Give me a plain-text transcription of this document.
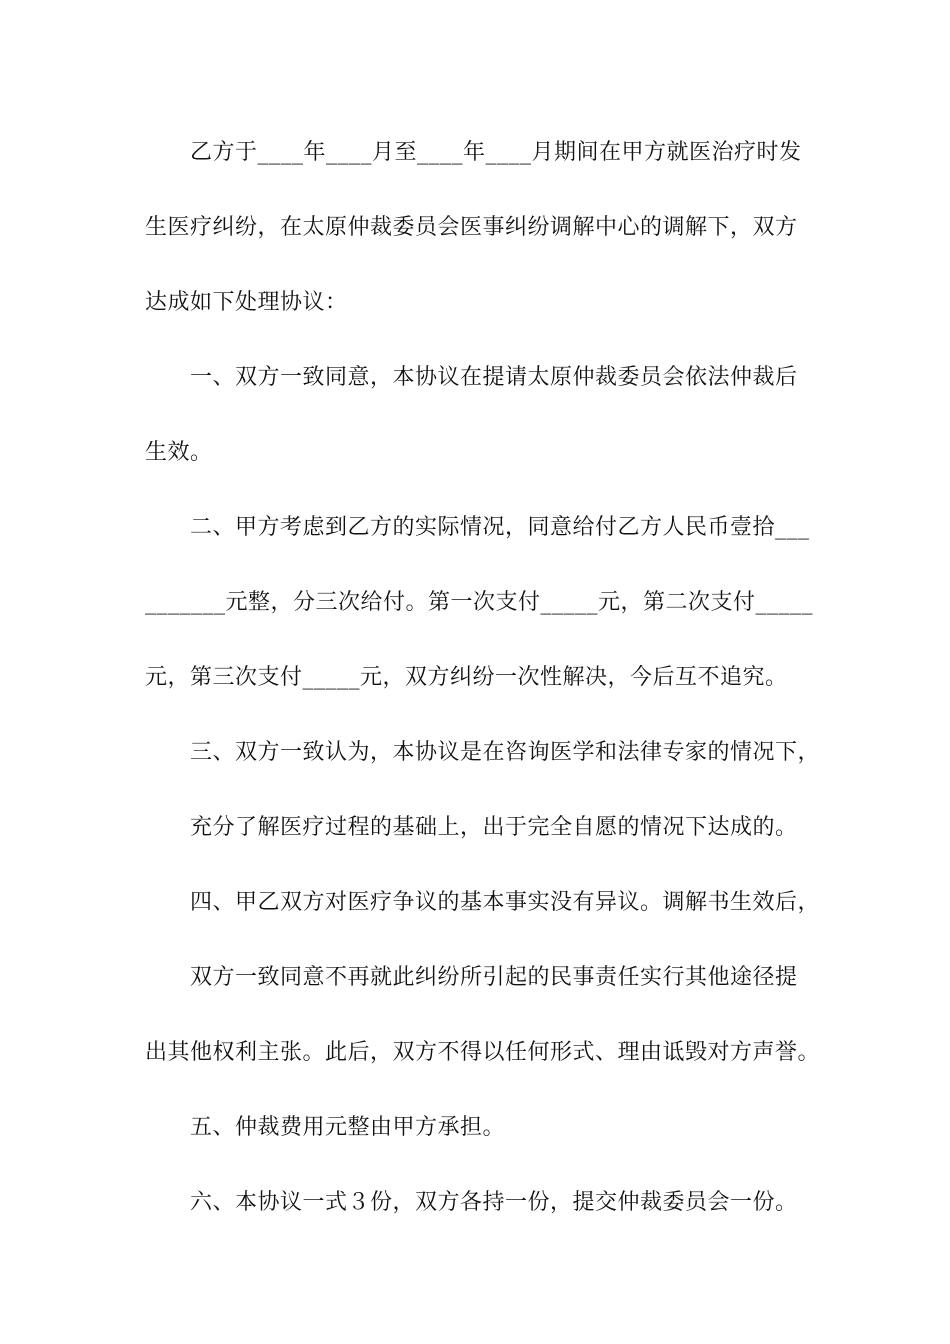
乙方于____年____月至____年____月期间在甲方就医治疗时发
生医疗纠纷，在太原仲裁委员会医事纠纷调解中心的调解下，双方
达成如下处理协议：
一、双方一致同意，本协议在提请太原仲裁委员会依法仲裁后
生效。
二、甲方考虑到乙方的实际情况，同意给付乙方人民币壹拾___
_______元整，分三次给付。第一次支付_____元，第二次支付_____
元，第三次支付_____元，双方纠纷一次性解决，今后互不追究。
三、双方一致认为，本协议是在咨询医学和法律专家的情况下，
充分了解医疗过程的基础上，出于完全自愿的情况下达成的。
四、甲乙双方对医疗争议的基本事实没有异议。调解书生效后，
双方一致同意不再就此纠纷所引起的民事责任实行其他途径提
出其他权利主张。此后，双方不得以任何形式、理由诋毁对方声誉。
五、仲裁费用元整由甲方承担。
六、本协议一式３份，双方各持一份，提交仲裁委员会一份。
